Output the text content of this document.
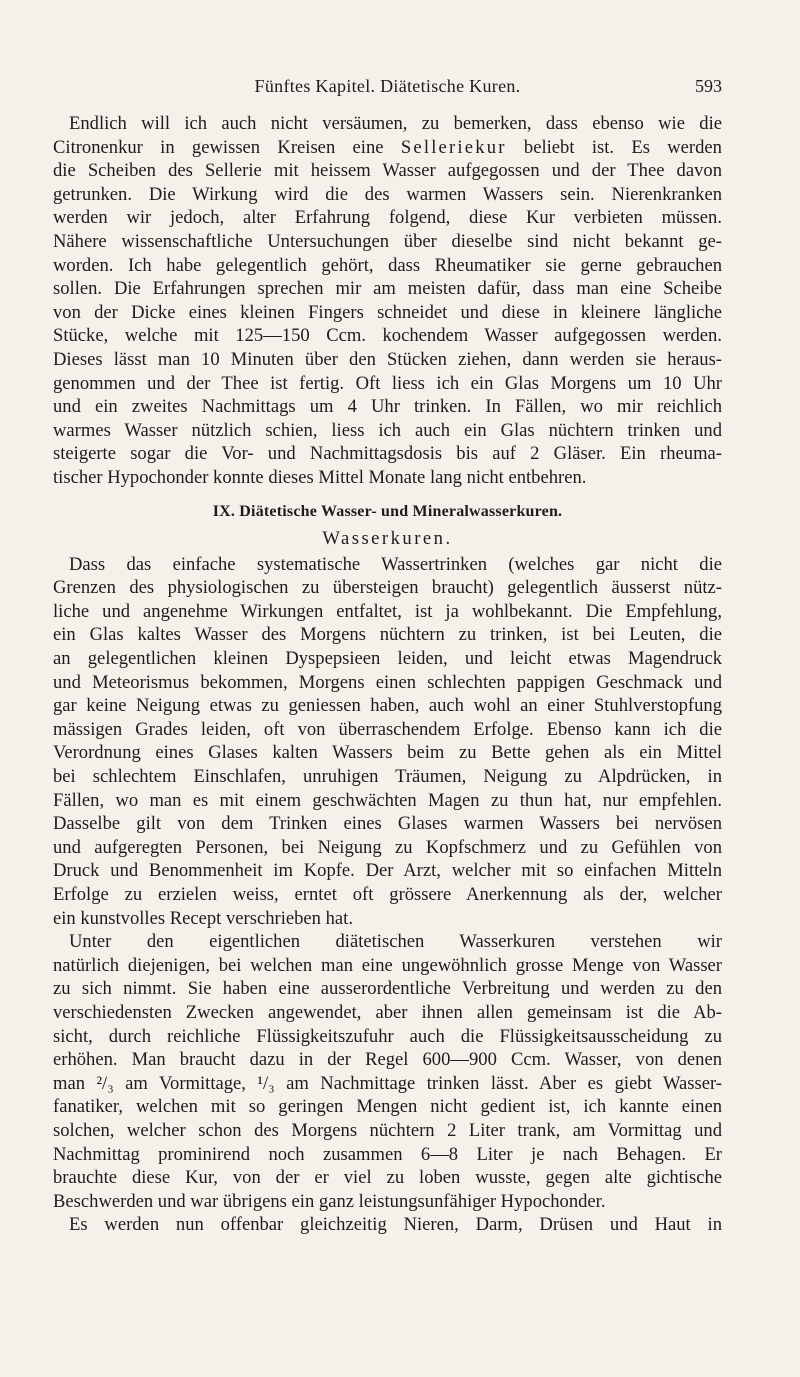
Fünftes Kapitel. Diätetische Kuren.	593
Endlich will ich auch nicht versäumen, zu bemerken, dass ebenso wie die
Citronenkur in gewissen Kreisen eine Selleriekur beliebt ist. Es werden
die Scheiben des Sellerie mit heissem Wasser aufgegossen und der Thee davon
getrunken. Die Wirkung wird die des warmen Wassers sein. Nierenkranken
werden wir jedoch, alter Erfahrung folgend, diese Kur verbieten müssen.
Nähere wissenschaftliche Untersuchungen über dieselbe sind nicht bekannt ge-
worden. Ich habe gelegentlich gehört, dass Rheumatiker sie gerne gebrauchen
sollen. Die Erfahrungen sprechen mir am meisten dafür, dass man eine Scheibe
von der Dicke eines kleinen Fingers schneidet und diese in kleinere längliche
Stücke, welche mit 125—150 Ccm. kochendem Wasser aufgegossen werden.
Dieses lässt man 10 Minuten über den Stücken ziehen, dann werden sie heraus-
genommen und der Thee ist fertig. Oft liess ich ein Glas Morgens um 10 Uhr
und ein zweites Nachmittags um 4 Uhr trinken. In Fällen, wo mir reichlich
warmes Wasser nützlich schien, liess ich auch ein Glas nüchtern trinken und
steigerte sogar die Vor- und Nachmittagsdosis bis auf 2 Gläser. Ein rheuma-
tischer Hypochonder konnte dieses Mittel Monate lang nicht entbehren.
IX. Diätetische Wasser- und Mineralwasserkuren.
Wasserkuren.
Dass das einfache systematische Wassertrinken (welches gar nicht die
Grenzen des physiologischen zu übersteigen braucht) gelegentlich äusserst nütz-
liche und angenehme Wirkungen entfaltet, ist ja wohlbekannt. Die Empfehlung,
ein Glas kaltes Wasser des Morgens nüchtern zu trinken, ist bei Leuten, die
an gelegentlichen kleinen Dyspepsieen leiden, und leicht etwas Magendruck
und Meteorismus bekommen, Morgens einen schlechten pappigen Geschmack und
gar keine Neigung etwas zu geniessen haben, auch wohl an einer Stuhlverstopfung
mässigen Grades leiden, oft von überraschendem Erfolge. Ebenso kann ich die
Verordnung eines Glases kalten Wassers beim zu Bette gehen als ein Mittel
bei schlechtem Einschlafen, unruhigen Träumen, Neigung zu Alpdrücken, in
Fällen, wo man es mit einem geschwächten Magen zu thun hat, nur empfehlen.
Dasselbe gilt von dem Trinken eines Glases warmen Wassers bei nervösen
und aufgeregten Personen, bei Neigung zu Kopfschmerz und zu Gefühlen von
Druck und Benommenheit im Kopfe. Der Arzt, welcher mit so einfachen Mitteln
Erfolge zu erzielen weiss, erntet oft grössere Anerkennung als der, welcher
ein kunstvolles Recept verschrieben hat.
Unter den eigentlichen diätetischen Wasserkuren verstehen wir
natürlich diejenigen, bei welchen man eine ungewöhnlich grosse Menge von Wasser
zu sich nimmt. Sie haben eine ausserordentliche Verbreitung und werden zu den
verschiedensten Zwecken angewendet, aber ihnen allen gemeinsam ist die Ab-
sicht, durch reichliche Flüssigkeitszufuhr auch die Flüssigkeitsausscheidung zu
erhöhen. Man braucht dazu in der Regel 600—900 Ccm. Wasser, von denen
man ²/₃ am Vormittage, ¹/₃ am Nachmittage trinken lässt. Aber es giebt Wasser-
fanatiker, welchen mit so geringen Mengen nicht gedient ist, ich kannte einen
solchen, welcher schon des Morgens nüchtern 2 Liter trank, am Vormittag und
Nachmittag prominirend noch zusammen 6—8 Liter je nach Behagen. Er
brauchte diese Kur, von der er viel zu loben wusste, gegen alte gichtische
Beschwerden und war übrigens ein ganz leistungsunfähiger Hypochonder.
Es werden nun offenbar gleichzeitig Nieren, Darm, Drüsen und Haut in
